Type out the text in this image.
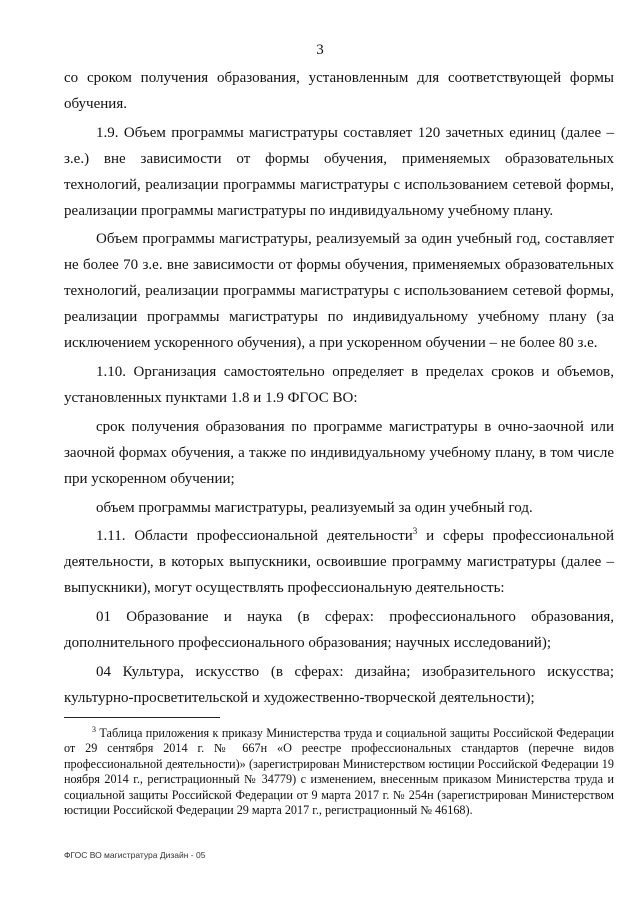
3

со сроком получения образования, установленным для соответствующей формы обучения.

1.9. Объем программы магистратуры составляет 120 зачетных единиц (далее – з.е.) вне зависимости от формы обучения, применяемых образовательных технологий, реализации программы магистратуры с использованием сетевой формы, реализации программы магистратуры по индивидуальному учебному плану.

Объем программы магистратуры, реализуемый за один учебный год, составляет не более 70 з.е. вне зависимости от формы обучения, применяемых образовательных технологий, реализации программы магистратуры с использованием сетевой формы, реализации программы магистратуры по индивидуальному учебному плану (за исключением ускоренного обучения), а при ускоренном обучении – не более 80 з.е.

1.10. Организация самостоятельно определяет в пределах сроков и объемов, установленных пунктами 1.8 и 1.9 ФГОС ВО:

срок получения образования по программе магистратуры в очно-заочной или заочной формах обучения, а также по индивидуальному учебному плану, в том числе при ускоренном обучении;

объем программы магистратуры, реализуемый за один учебный год.

1.11. Области профессиональной деятельности$^3$ и сферы профессиональной деятельности, в которых выпускники, освоившие программу магистратуры (далее – выпускники), могут осуществлять профессиональную деятельность:

01 Образование и наука (в сферах: профессионального образования, дополнительного профессионального образования; научных исследований);

04 Культура, искусство (в сферах: дизайна; изобразительного искусства; культурно-просветительской и художественно-творческой деятельности);

$^3$ Таблица приложения к приказу Министерства труда и социальной защиты Российской Федерации от 29 сентября 2014 г. № 667н «О реестре профессиональных стандартов (перечне видов профессиональной деятельности)» (зарегистрирован Министерством юстиции Российской Федерации 19 ноября 2014 г., регистрационный № 34779) с изменением, внесенным приказом Министерства труда и социальной защиты Российской Федерации от 9 марта 2017 г. № 254н (зарегистрирован Министерством юстиции Российской Федерации 29 марта 2017 г., регистрационный № 46168).

ФГОС ВО магистратура Дизайн - 05
